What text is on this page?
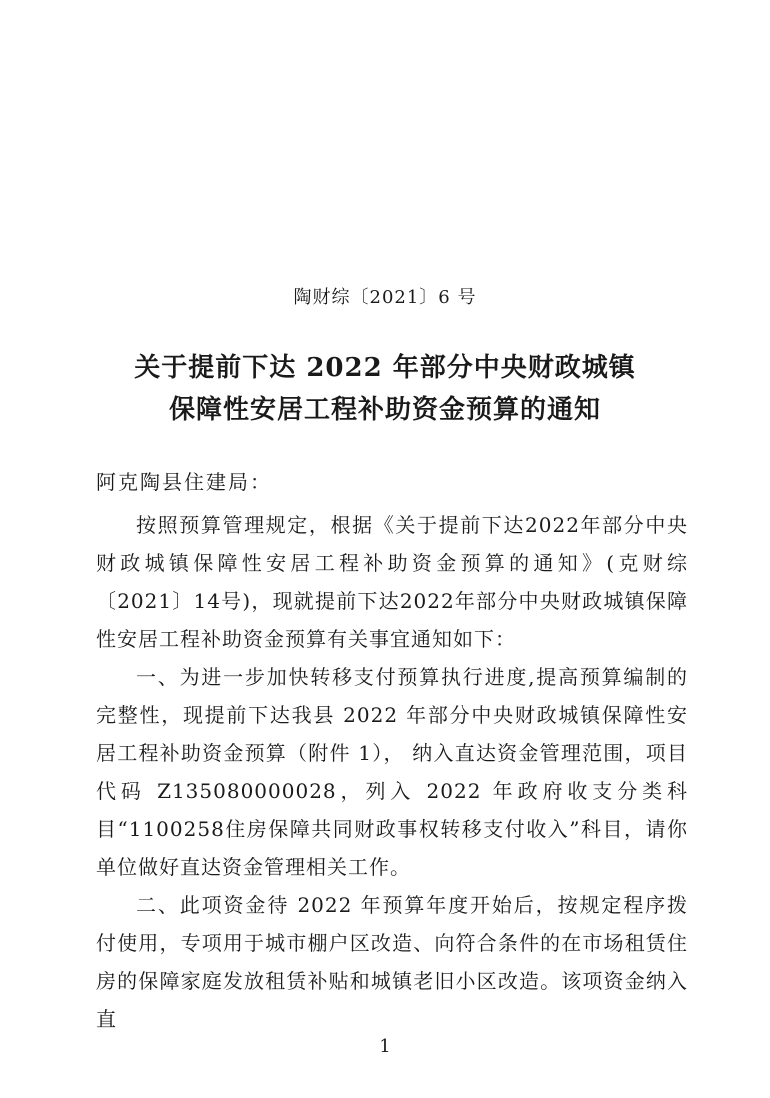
陶财综〔2021〕6 号
关于提前下达 2022 年部分中央财政城镇
保障性安居工程补助资金预算的通知
阿克陶县住建局：
按照预算管理规定，根据《关于提前下达2022年部分中央财政城镇保障性安居工程补助资金预算的通知》(克财综〔2021〕14号)，现就提前下达2022年部分中央财政城镇保障性安居工程补助资金预算有关事宜通知如下：
一、为进一步加快转移支付预算执行进度,提高预算编制的完整性，现提前下达我县 2022 年部分中央财政城镇保障性安居工程补助资金预算（附件 1）， 纳入直达资金管理范围，项目代码 Z135080000028，列入 2022 年政府收支分类科目“1100258住房保障共同财政事权转移支付收入”科目，请你单位做好直达资金管理相关工作。
二、此项资金待 2022 年预算年度开始后，按规定程序拨付使用，专项用于城市棚户区改造、向符合条件的在市场租赁住房的保障家庭发放租赁补贴和城镇老旧小区改造。该项资金纳入直
1
